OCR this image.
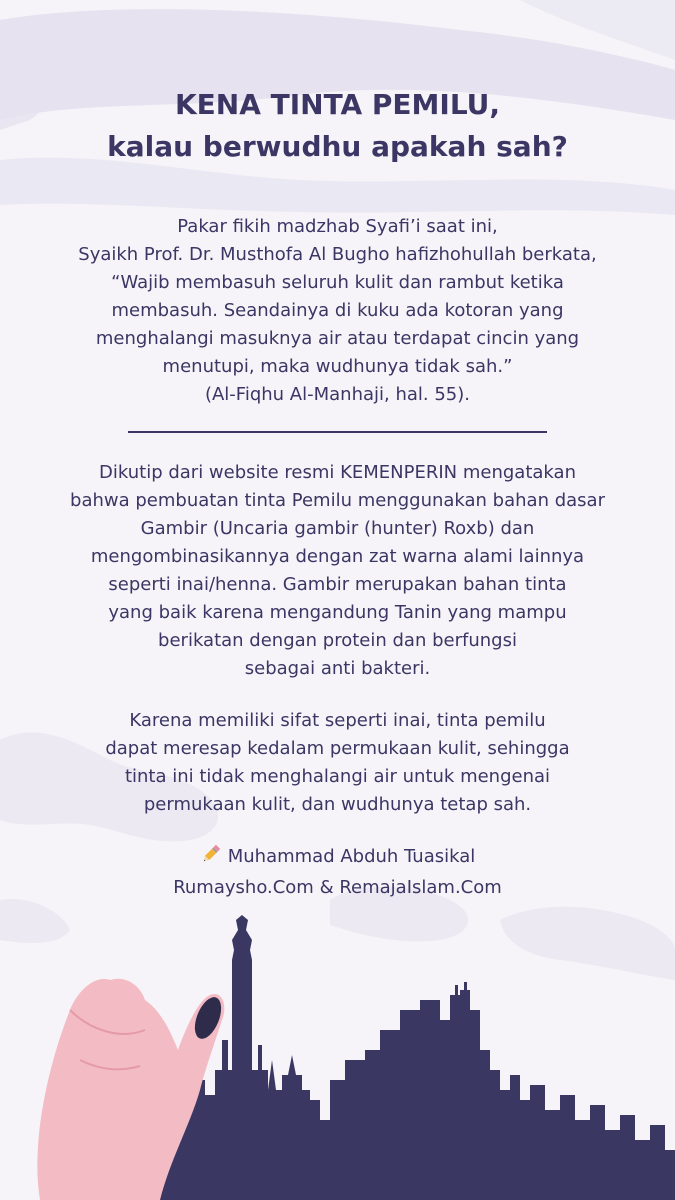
KENA TINTA PEMILU,
kalau berwudhu apakah sah?
Pakar fikih madzhab Syafi’i saat ini,
Syaikh Prof. Dr. Musthofa Al Bugho hafizhohullah berkata,
“Wajib membasuh seluruh kulit dan rambut ketika
membasuh. Seandainya di kuku ada kotoran yang
menghalangi masuknya air atau terdapat cincin yang
menutupi, maka wudhunya tidak sah.”
(Al-Fiqhu Al-Manhaji, hal. 55).
Dikutip dari website resmi KEMENPERIN mengatakan
bahwa pembuatan tinta Pemilu menggunakan bahan dasar
Gambir (Uncaria gambir (hunter) Roxb) dan
mengombinasikannya dengan zat warna alami lainnya
seperti inai/henna. Gambir merupakan bahan tinta
yang baik karena mengandung Tanin yang mampu
berikatan dengan protein dan berfungsi
sebagai anti bakteri.
Karena memiliki sifat seperti inai, tinta pemilu
dapat meresap kedalam permukaan kulit, sehingga
tinta ini tidak menghalangi air untuk mengenai
permukaan kulit, dan wudhunya tetap sah.
Muhammad Abduh Tuasikal
Rumaysho.Com & RemajaIslam.Com
